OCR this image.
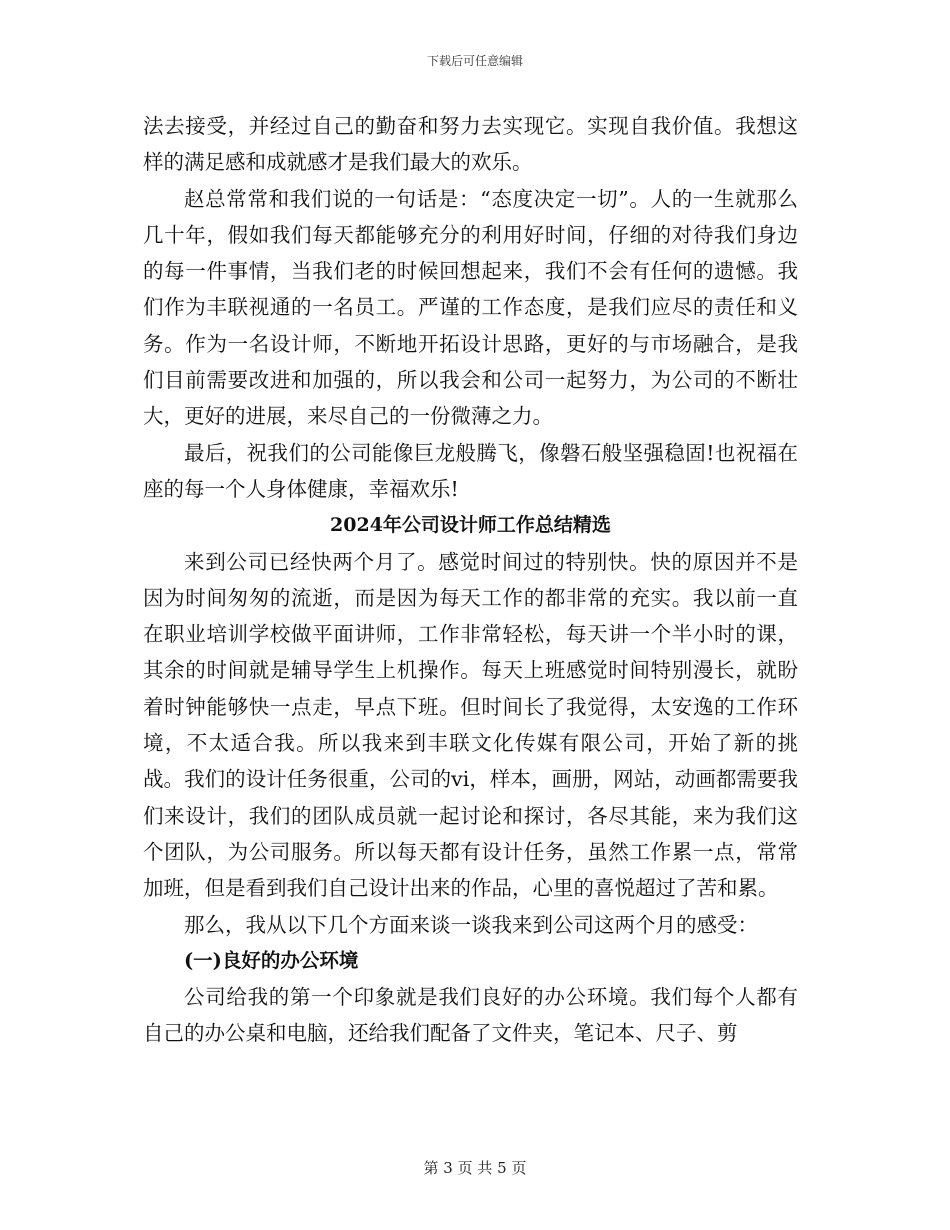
下载后可任意编辑

法去接受，并经过自己的勤奋和努力去实现它。实现自我价值。我想这样的满足感和成就感才是我们最大的欢乐。

赵总常常和我们说的一句话是：“态度决定一切”。人的一生就那么几十年，假如我们每天都能够充分的利用好时间，仔细的对待我们身边的每一件事情，当我们老的时候回想起来，我们不会有任何的遗憾。我们作为丰联视通的一名员工。严谨的工作态度，是我们应尽的责任和义务。作为一名设计师，不断地开拓设计思路，更好的与市场融合，是我们目前需要改进和加强的，所以我会和公司一起努力，为公司的不断壮大，更好的进展，来尽自己的一份微薄之力。

最后，祝我们的公司能像巨龙般腾飞，像磐石般坚强稳固!也祝福在座的每一个人身体健康，幸福欢乐!

2024年公司设计师工作总结精选

来到公司已经快两个月了。感觉时间过的特别快。快的原因并不是因为时间匆匆的流逝，而是因为每天工作的都非常的充实。我以前一直在职业培训学校做平面讲师，工作非常轻松，每天讲一个半小时的课，其余的时间就是辅导学生上机操作。每天上班感觉时间特别漫长，就盼着时钟能够快一点走，早点下班。但时间长了我觉得，太安逸的工作环境，不太适合我。所以我来到丰联文化传媒有限公司，开始了新的挑战。我们的设计任务很重，公司的vi，样本，画册，网站，动画都需要我们来设计，我们的团队成员就一起讨论和探讨，各尽其能，来为我们这个团队，为公司服务。所以每天都有设计任务，虽然工作累一点，常常加班，但是看到我们自己设计出来的作品，心里的喜悦超过了苦和累。

那么，我从以下几个方面来谈一谈我来到公司这两个月的感受：

(一)良好的办公环境

公司给我的第一个印象就是我们良好的办公环境。我们每个人都有自己的办公桌和电脑，还给我们配备了文件夹，笔记本、尺子、剪

第 3 页 共 5 页
